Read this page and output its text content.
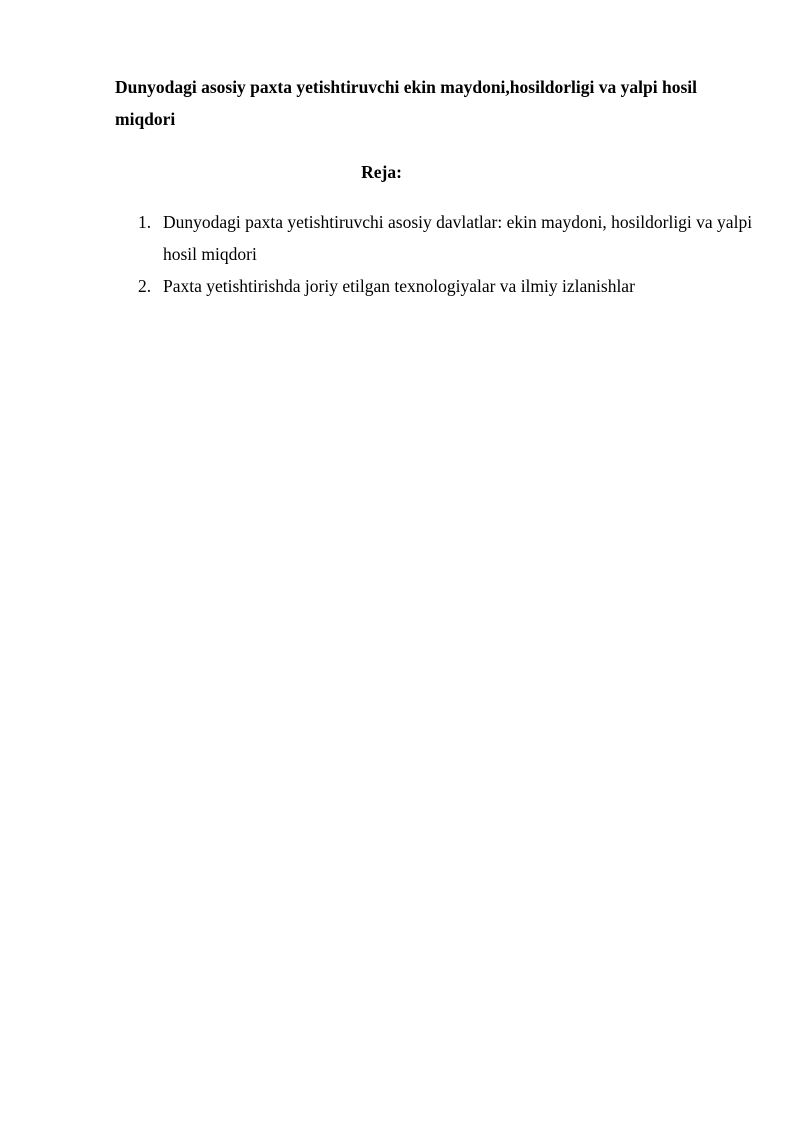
Dunyodagi asosiy paxta yetishtiruvchi ekin maydoni,hosildorligi va yalpi hosil miqdori
Reja:
1. Dunyodagi paxta yetishtiruvchi asosiy davlatlar: ekin maydoni, hosildorligi va yalpi hosil miqdori
2. Paxta yetishtirishda joriy etilgan texnologiyalar va ilmiy izlanishlar
